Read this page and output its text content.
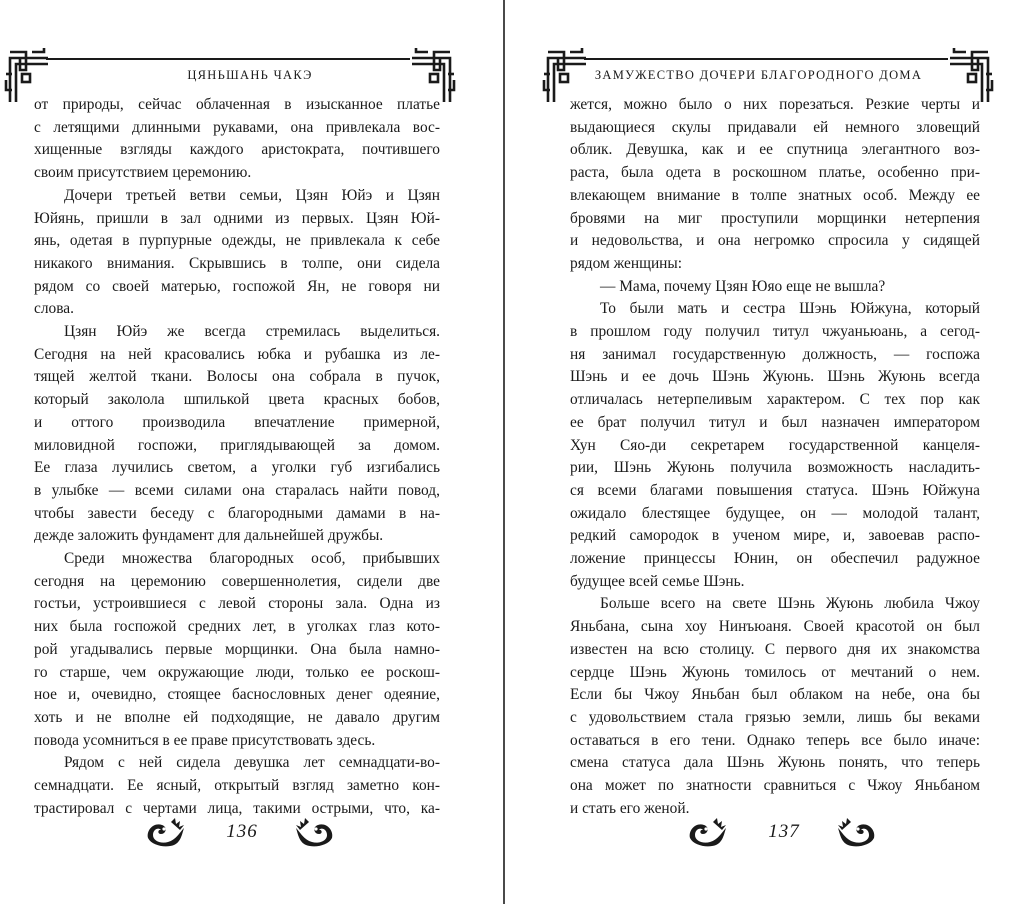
ЦЯНЬШАНЬ ЧАКЭ

от природы, сейчас облаченная в изысканное платье

с летящими длинными рукавами, она привлекала вос-

хищенные взгляды каждого аристократа, почтившего

своим присутствием церемонию.

Дочери третьей ветви семьи, Цзян Юйэ и Цзян

Юйянь, пришли в зал одними из первых. Цзян Юй-

янь, одетая в пурпурные одежды, не привлекала к себе

никакого внимания. Скрывшись в толпе, они сидела

рядом со своей матерью, госпожой Ян, не говоря ни

слова.

Цзян Юйэ же всегда стремилась выделиться.

Сегодня на ней красовались юбка и рубашка из ле-

тящей желтой ткани. Волосы она собрала в пучок,

который заколола шпилькой цвета красных бобов,

и оттого производила впечатление примерной,

миловидной госпожи, приглядывающей за домом.

Ее глаза лучились светом, а уголки губ изгибались

в улыбке — всеми силами она старалась найти повод,

чтобы завести беседу с благородными дамами в на-

дежде заложить фундамент для дальнейшей дружбы.

Среди множества благородных особ, прибывших

сегодня на церемонию совершеннолетия, сидели две

гостьи, устроившиеся с левой стороны зала. Одна из

них была госпожой средних лет, в уголках глаз кото-

рой угадывались первые морщинки. Она была намно-

го старше, чем окружающие люди, только ее роскош-

ное и, очевидно, стоящее баснословных денег одеяние,

хоть и не вполне ей подходящие, не давало другим

повода усомниться в ее праве присутствовать здесь.

Рядом с ней сидела девушка лет семнадцати-во-

семнадцати. Ее ясный, открытый взгляд заметно кон-

трастировал с чертами лица, такими острыми, что, ка-

136
ЗАМУЖЕСТВО ДОЧЕРИ БЛАГОРОДНОГО ДОМА

жется, можно было о них порезаться. Резкие черты и

выдающиеся скулы придавали ей немного зловещий

облик. Девушка, как и ее спутница элегантного воз-

раста, была одета в роскошном платье, особенно при-

влекающем внимание в толпе знатных особ. Между ее

бровями на миг проступили морщинки нетерпения

и недовольства, и она негромко спросила у сидящей

рядом женщины:

— Мама, почему Цзян Юяо еще не вышла?

То были мать и сестра Шэнь Юйжуна, который

в прошлом году получил титул чжуаньюань, а сегод-

ня занимал государственную должность, — госпожа

Шэнь и ее дочь Шэнь Жуюнь. Шэнь Жуюнь всегда

отличалась нетерпеливым характером. С тех пор как

ее брат получил титул и был назначен императором

Хун Сяо-ди секретарем государственной канцеля-

рии, Шэнь Жуюнь получила возможность насладить-

ся всеми благами повышения статуса. Шэнь Юйжуна

ожидало блестящее будущее, он — молодой талант,

редкий самородок в ученом мире, и, завоевав распо-

ложение принцессы Юнин, он обеспечил радужное

будущее всей семье Шэнь.

Больше всего на свете Шэнь Жуюнь любила Чжоу

Яньбана, сына хоу Нинъюаня. Своей красотой он был

известен на всю столицу. С первого дня их знакомства

сердце Шэнь Жуюнь томилось от мечтаний о нем.

Если бы Чжоу Яньбан был облаком на небе, она бы

с удовольствием стала грязью земли, лишь бы веками

оставаться в его тени. Однако теперь все было иначе:

смена статуса дала Шэнь Жуюнь понять, что теперь

она может по знатности сравниться с Чжоу Яньбаном

и стать его женой.

137
